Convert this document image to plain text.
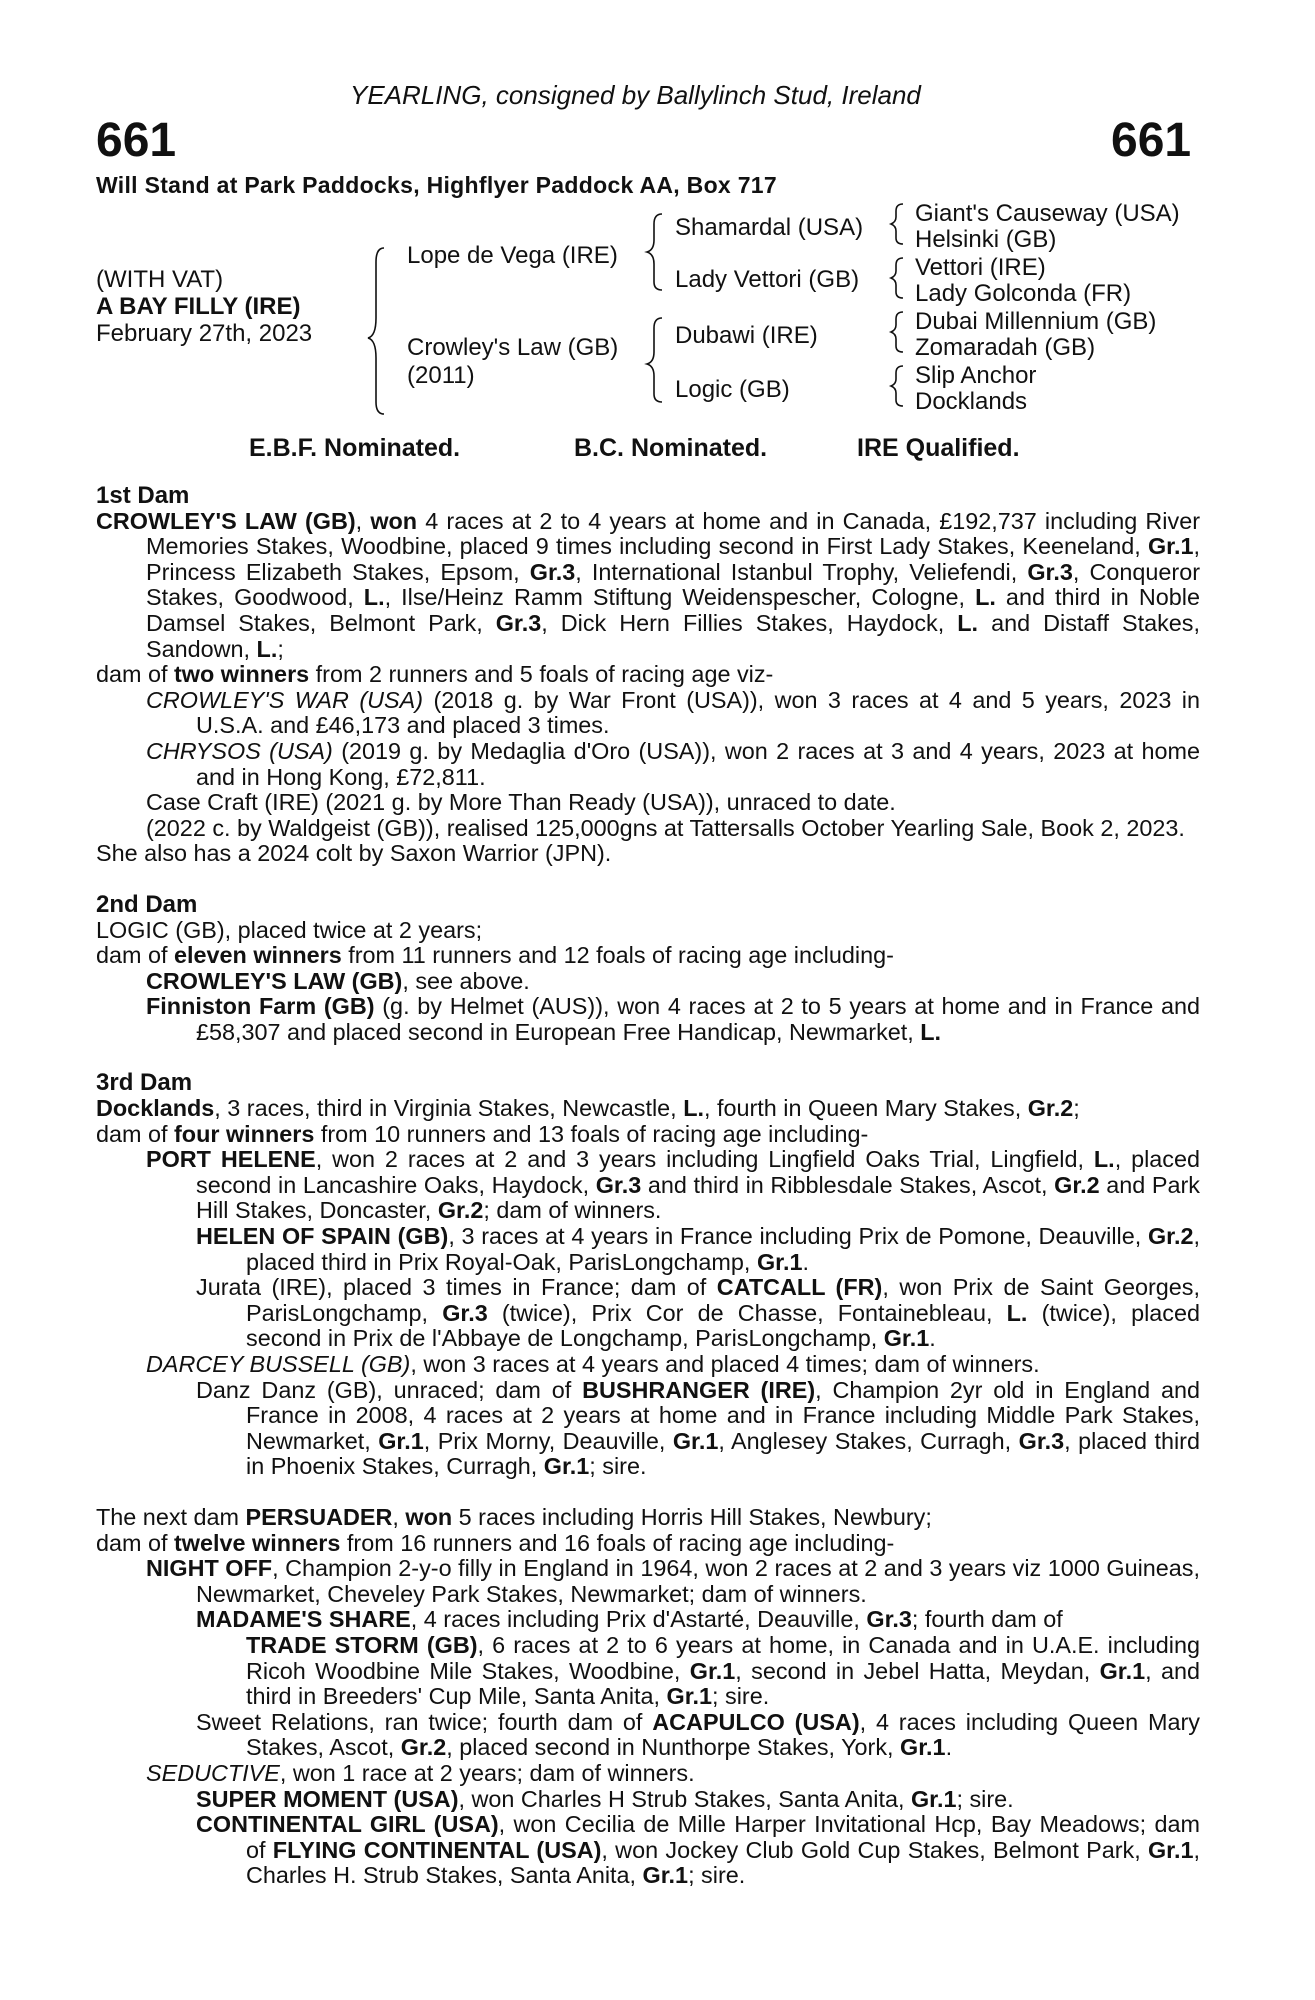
YEARLING, consigned by Ballylinch Stud, Ireland
661	661
Will Stand at Park Paddocks, Highflyer Paddock AA, Box 717
(WITH VAT)
A BAY FILLY (IRE)
February 27th, 2023
Lope de Vega (IRE)
Crowley's Law (GB)
(2011)
Shamardal (USA)
Lady Vettori (GB)
Dubawi (IRE)
Logic (GB)
Giant's Causeway (USA)
Helsinki (GB)
Vettori (IRE)
Lady Golconda (FR)
Dubai Millennium (GB)
Zomaradah (GB)
Slip Anchor
Docklands
E.B.F. Nominated.	B.C. Nominated.	IRE Qualified.

1st Dam

CROWLEY'S LAW (GB), won 4 races at 2 to 4 years at home and in Canada, £192,737 including River Memories Stakes, Woodbine, placed 9 times including second in First Lady Stakes, Keeneland, Gr.1, Princess Elizabeth Stakes, Epsom, Gr.3, International Istanbul Trophy, Veliefendi, Gr.3, Conqueror Stakes, Goodwood, L., Ilse/Heinz Ramm Stiftung Weidenspescher, Cologne, L. and third in Noble Damsel Stakes, Belmont Park, Gr.3, Dick Hern Fillies Stakes, Haydock, L. and Distaff Stakes, Sandown, L.;

dam of two winners from 2 runners and 5 foals of racing age viz-

CROWLEY'S WAR (USA) (2018 g. by War Front (USA)), won 3 races at 4 and 5 years, 2023 in U.S.A. and £46,173 and placed 3 times.

CHRYSOS (USA) (2019 g. by Medaglia d'Oro (USA)), won 2 races at 3 and 4 years, 2023 at home and in Hong Kong, £72,811.

Case Craft (IRE) (2021 g. by More Than Ready (USA)), unraced to date.

(2022 c. by Waldgeist (GB)), realised 125,000gns at Tattersalls October Yearling Sale, Book 2, 2023.

She also has a 2024 colt by Saxon Warrior (JPN).

2nd Dam

LOGIC (GB), placed twice at 2 years;

dam of eleven winners from 11 runners and 12 foals of racing age including-

CROWLEY'S LAW (GB), see above.

Finniston Farm (GB) (g. by Helmet (AUS)), won 4 races at 2 to 5 years at home and in France and £58,307 and placed second in European Free Handicap, Newmarket, L.

3rd Dam

Docklands, 3 races, third in Virginia Stakes, Newcastle, L., fourth in Queen Mary Stakes, Gr.2;

dam of four winners from 10 runners and 13 foals of racing age including-

PORT HELENE, won 2 races at 2 and 3 years including Lingfield Oaks Trial, Lingfield, L., placed second in Lancashire Oaks, Haydock, Gr.3 and third in Ribblesdale Stakes, Ascot, Gr.2 and Park Hill Stakes, Doncaster, Gr.2; dam of winners.

HELEN OF SPAIN (GB), 3 races at 4 years in France including Prix de Pomone, Deauville, Gr.2, placed third in Prix Royal-Oak, ParisLongchamp, Gr.1.

Jurata (IRE), placed 3 times in France; dam of CATCALL (FR), won Prix de Saint Georges, ParisLongchamp, Gr.3 (twice), Prix Cor de Chasse, Fontainebleau, L. (twice), placed second in Prix de l'Abbaye de Longchamp, ParisLongchamp, Gr.1.

DARCEY BUSSELL (GB), won 3 races at 4 years and placed 4 times; dam of winners.

Danz Danz (GB), unraced; dam of BUSHRANGER (IRE), Champion 2yr old in England and France in 2008, 4 races at 2 years at home and in France including Middle Park Stakes, Newmarket, Gr.1, Prix Morny, Deauville, Gr.1, Anglesey Stakes, Curragh, Gr.3, placed third in Phoenix Stakes, Curragh, Gr.1; sire.

The next dam PERSUADER, won 5 races including Horris Hill Stakes, Newbury;

dam of twelve winners from 16 runners and 16 foals of racing age including-

NIGHT OFF, Champion 2-y-o filly in England in 1964, won 2 races at 2 and 3 years viz 1000 Guineas, Newmarket, Cheveley Park Stakes, Newmarket; dam of winners.

MADAME'S SHARE, 4 races including Prix d'Astarté, Deauville, Gr.3; fourth dam of

TRADE STORM (GB), 6 races at 2 to 6 years at home, in Canada and in U.A.E. including Ricoh Woodbine Mile Stakes, Woodbine, Gr.1, second in Jebel Hatta, Meydan, Gr.1, and third in Breeders' Cup Mile, Santa Anita, Gr.1; sire.

Sweet Relations, ran twice; fourth dam of ACAPULCO (USA), 4 races including Queen Mary Stakes, Ascot, Gr.2, placed second in Nunthorpe Stakes, York, Gr.1.

SEDUCTIVE, won 1 race at 2 years; dam of winners.

SUPER MOMENT (USA), won Charles H Strub Stakes, Santa Anita, Gr.1; sire.

CONTINENTAL GIRL (USA), won Cecilia de Mille Harper Invitational Hcp, Bay Meadows; dam of FLYING CONTINENTAL (USA), won Jockey Club Gold Cup Stakes, Belmont Park, Gr.1, Charles H. Strub Stakes, Santa Anita, Gr.1; sire.
